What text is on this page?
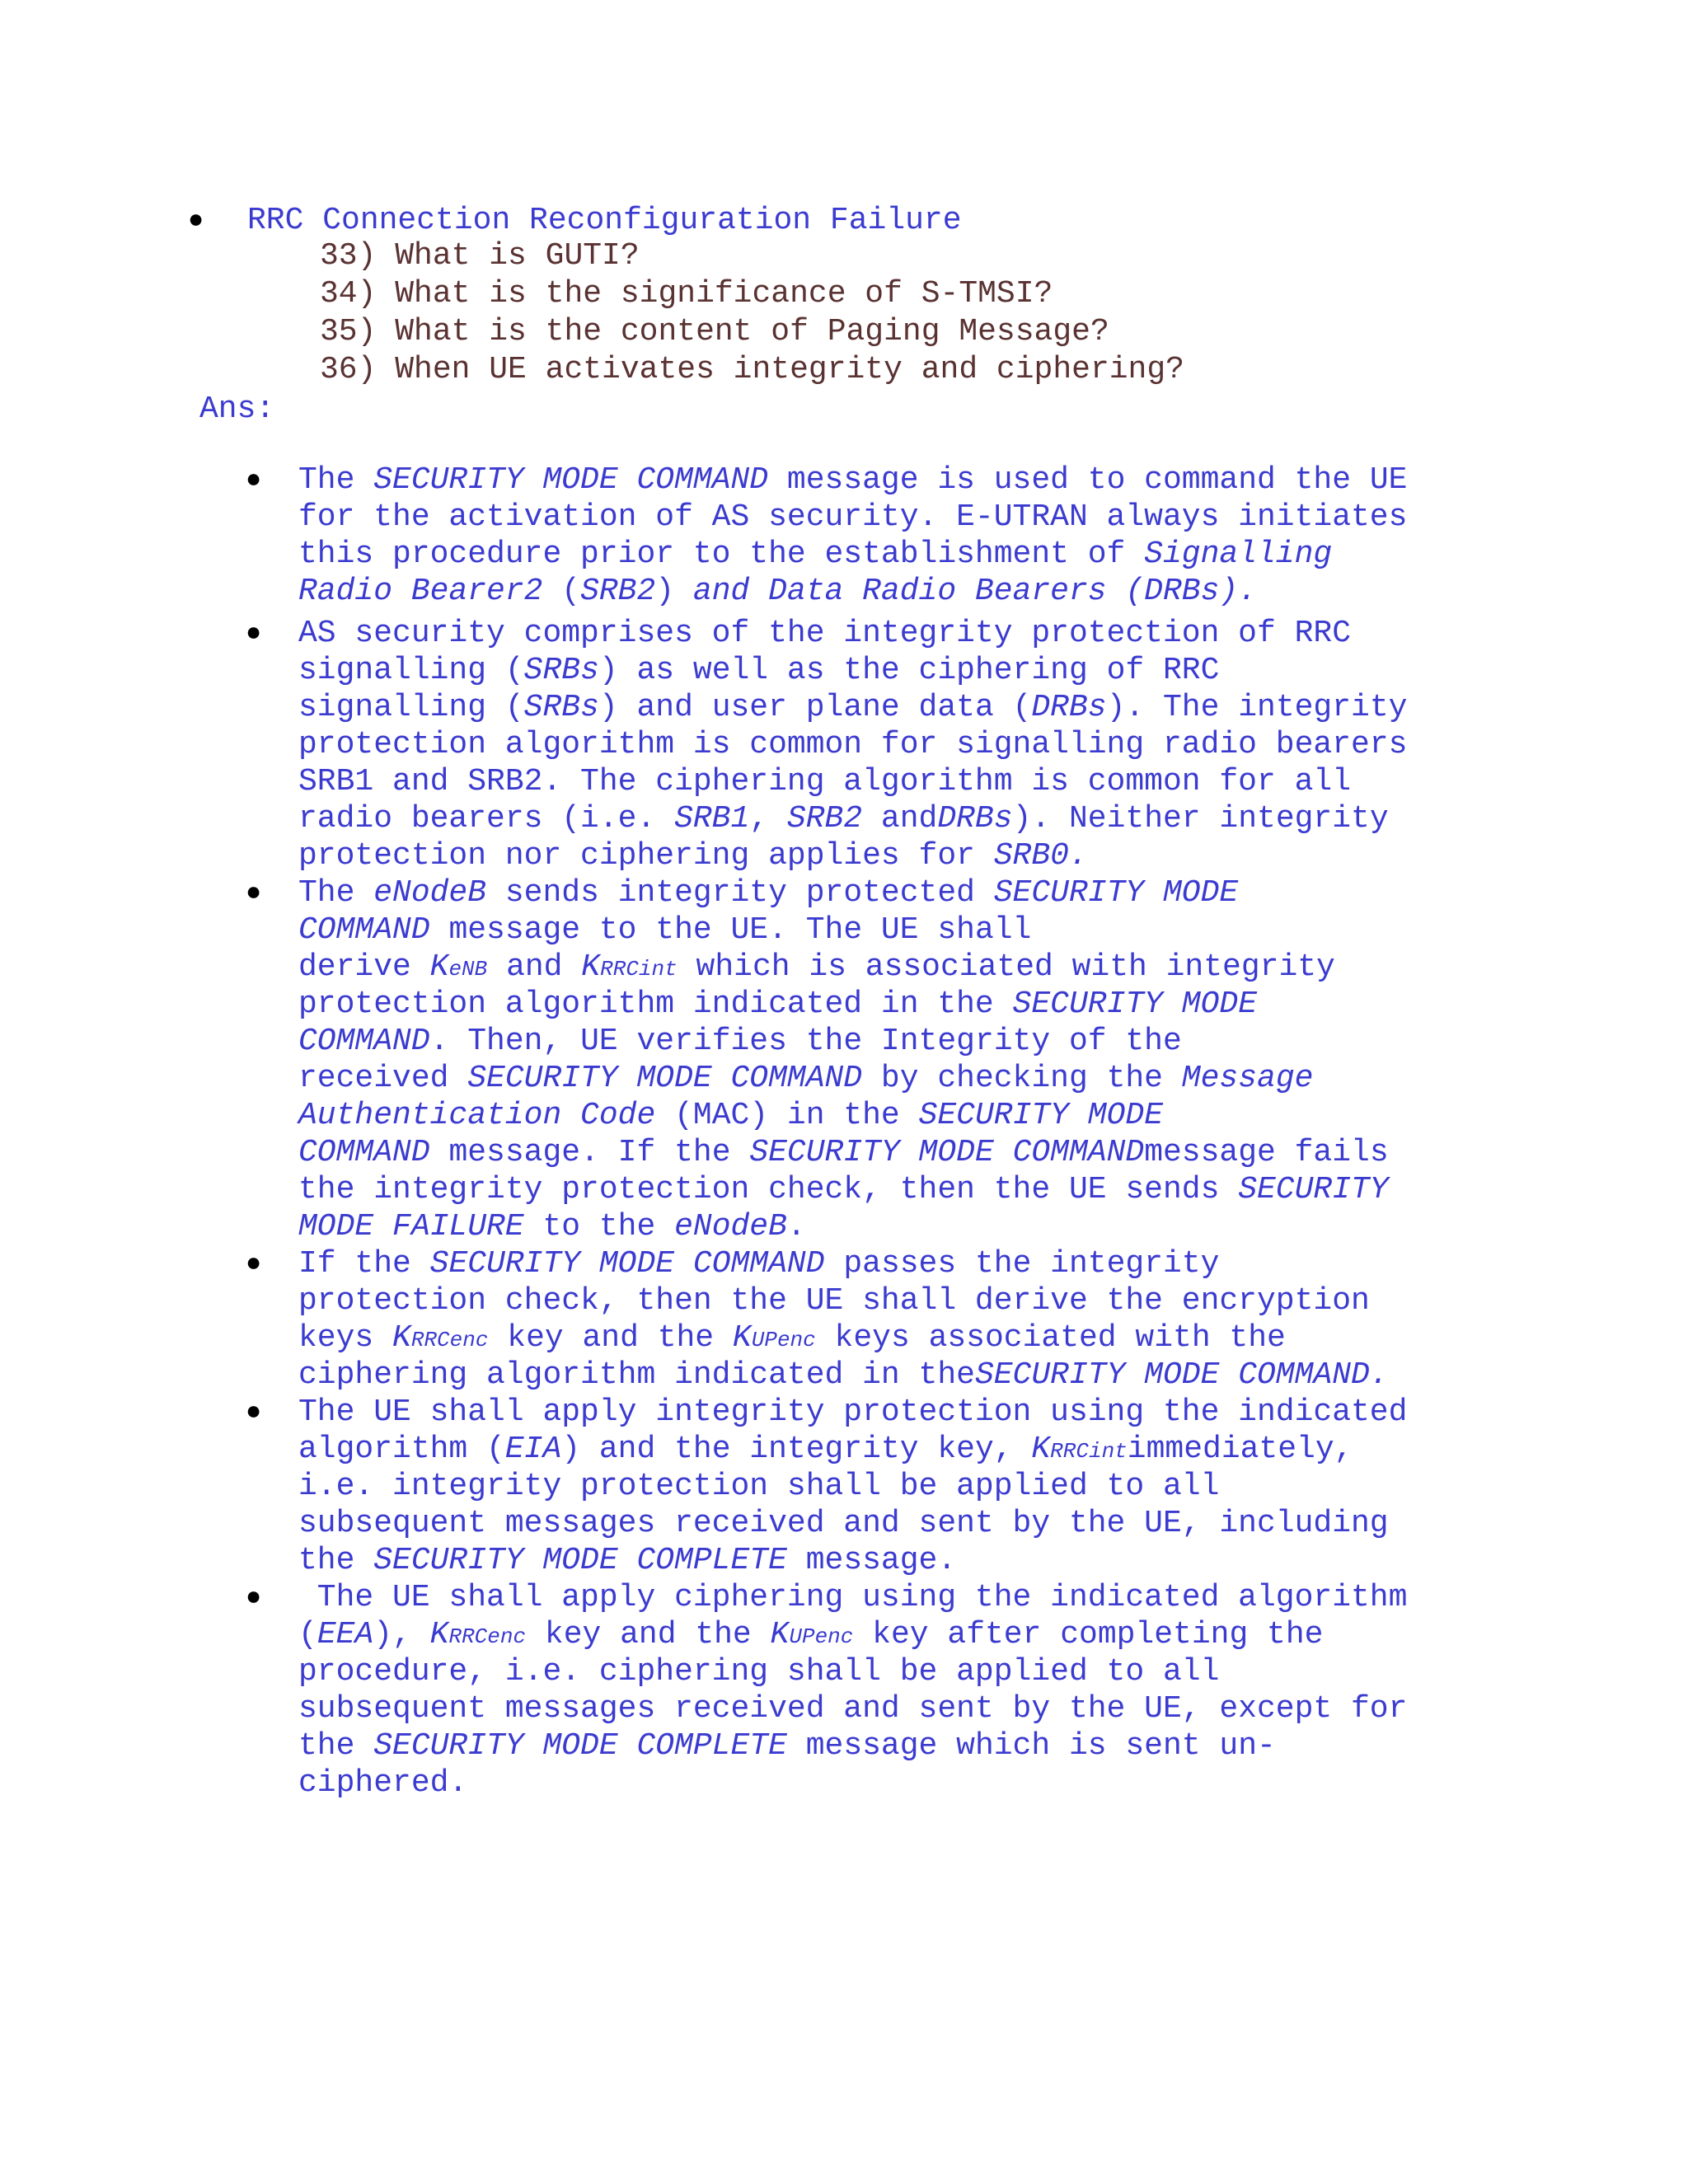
● RRC Connection Reconfiguration Failure
33) What is GUTI?
34) What is the significance of S-TMSI?
35) What is the content of Paging Message?
36) When UE activates integrity and ciphering?
Ans:
● The SECURITY MODE COMMAND message is used to command the UE
for the activation of AS security. E-UTRAN always initiates
this procedure prior to the establishment of Signalling
Radio Bearer2 (SRB2) and Data Radio Bearers (DRBs).
● AS security comprises of the integrity protection of RRC
signalling (SRBs) as well as the ciphering of RRC
signalling (SRBs) and user plane data (DRBs). The integrity
protection algorithm is common for signalling radio bearers
SRB1 and SRB2. The ciphering algorithm is common for all
radio bearers (i.e. SRB1, SRB2 andDRBs). Neither integrity
protection nor ciphering applies for SRB0.
● The eNodeB sends integrity protected SECURITY MODE
COMMAND message to the UE. The UE shall
derive KeNB and KRRCint which is associated with integrity
protection algorithm indicated in the SECURITY MODE
COMMAND. Then, UE verifies the Integrity of the
received SECURITY MODE COMMAND by checking the Message
Authentication Code (MAC) in the SECURITY MODE
COMMAND message. If the SECURITY MODE COMMANDmessage fails
the integrity protection check, then the UE sends SECURITY
MODE FAILURE to the eNodeB.
● If the SECURITY MODE COMMAND passes the integrity
protection check, then the UE shall derive the encryption
keys KRRCenc key and the KUPenc keys associated with the
ciphering algorithm indicated in theSECURITY MODE COMMAND.
● The UE shall apply integrity protection using the indicated
algorithm (EIA) and the integrity key, KRRCintimmediately,
i.e. integrity protection shall be applied to all
subsequent messages received and sent by the UE, including
the SECURITY MODE COMPLETE message.
● The UE shall apply ciphering using the indicated algorithm
(EEA), KRRCenc key and the KUPenc key after completing the
procedure, i.e. ciphering shall be applied to all
subsequent messages received and sent by the UE, except for
the SECURITY MODE COMPLETE message which is sent un-
ciphered.
